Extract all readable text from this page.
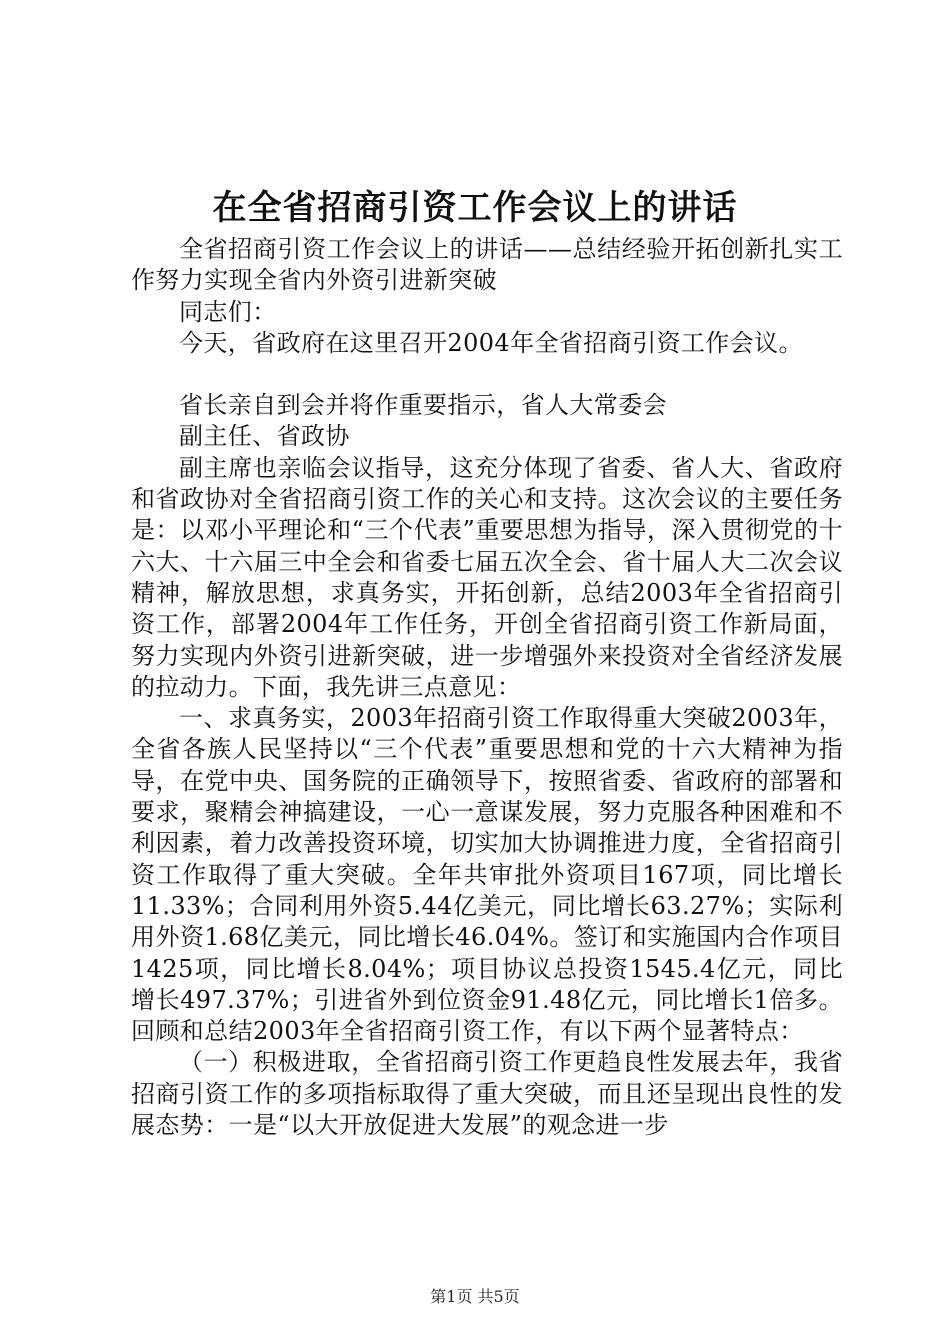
在全省招商引资工作会议上的讲话

全省招商引资工作会议上的讲话——总结经验开拓创新扎实工作努力实现全省内外资引进新突破

同志们：

今天，省政府在这里召开2004年全省招商引资工作会议。

省长亲自到会并将作重要指示，省人大常委会

副主任、省政协

副主席也亲临会议指导，这充分体现了省委、省人大、省政府和省政协对全省招商引资工作的关心和支持。这次会议的主要任务是：以邓小平理论和“三个代表”重要思想为指导，深入贯彻党的十六大、十六届三中全会和省委七届五次全会、省十届人大二次会议精神，解放思想，求真务实，开拓创新，总结2003年全省招商引资工作，部署2004年工作任务，开创全省招商引资工作新局面，努力实现内外资引进新突破，进一步增强外来投资对全省经济发展的拉动力。下面，我先讲三点意见：

一、求真务实，2003年招商引资工作取得重大突破2003年，全省各族人民坚持以“三个代表”重要思想和党的十六大精神为指导，在党中央、国务院的正确领导下，按照省委、省政府的部署和要求，聚精会神搞建设，一心一意谋发展，努力克服各种困难和不利因素，着力改善投资环境，切实加大协调推进力度，全省招商引资工作取得了重大突破。全年共审批外资项目167项，同比增长11.33%；合同利用外资5.44亿美元，同比增长63.27%；实际利用外资1.68亿美元，同比增长46.04%。签订和实施国内合作项目1425项，同比增长8.04%；项目协议总投资1545.4亿元，同比增长497.37%；引进省外到位资金91.48亿元，同比增长1倍多。回顾和总结2003年全省招商引资工作，有以下两个显著特点：

（一）积极进取，全省招商引资工作更趋良性发展去年，我省招商引资工作的多项指标取得了重大突破，而且还呈现出良性的发展态势：一是“以大开放促进大发展”的观念进一步

第1页 共5页
